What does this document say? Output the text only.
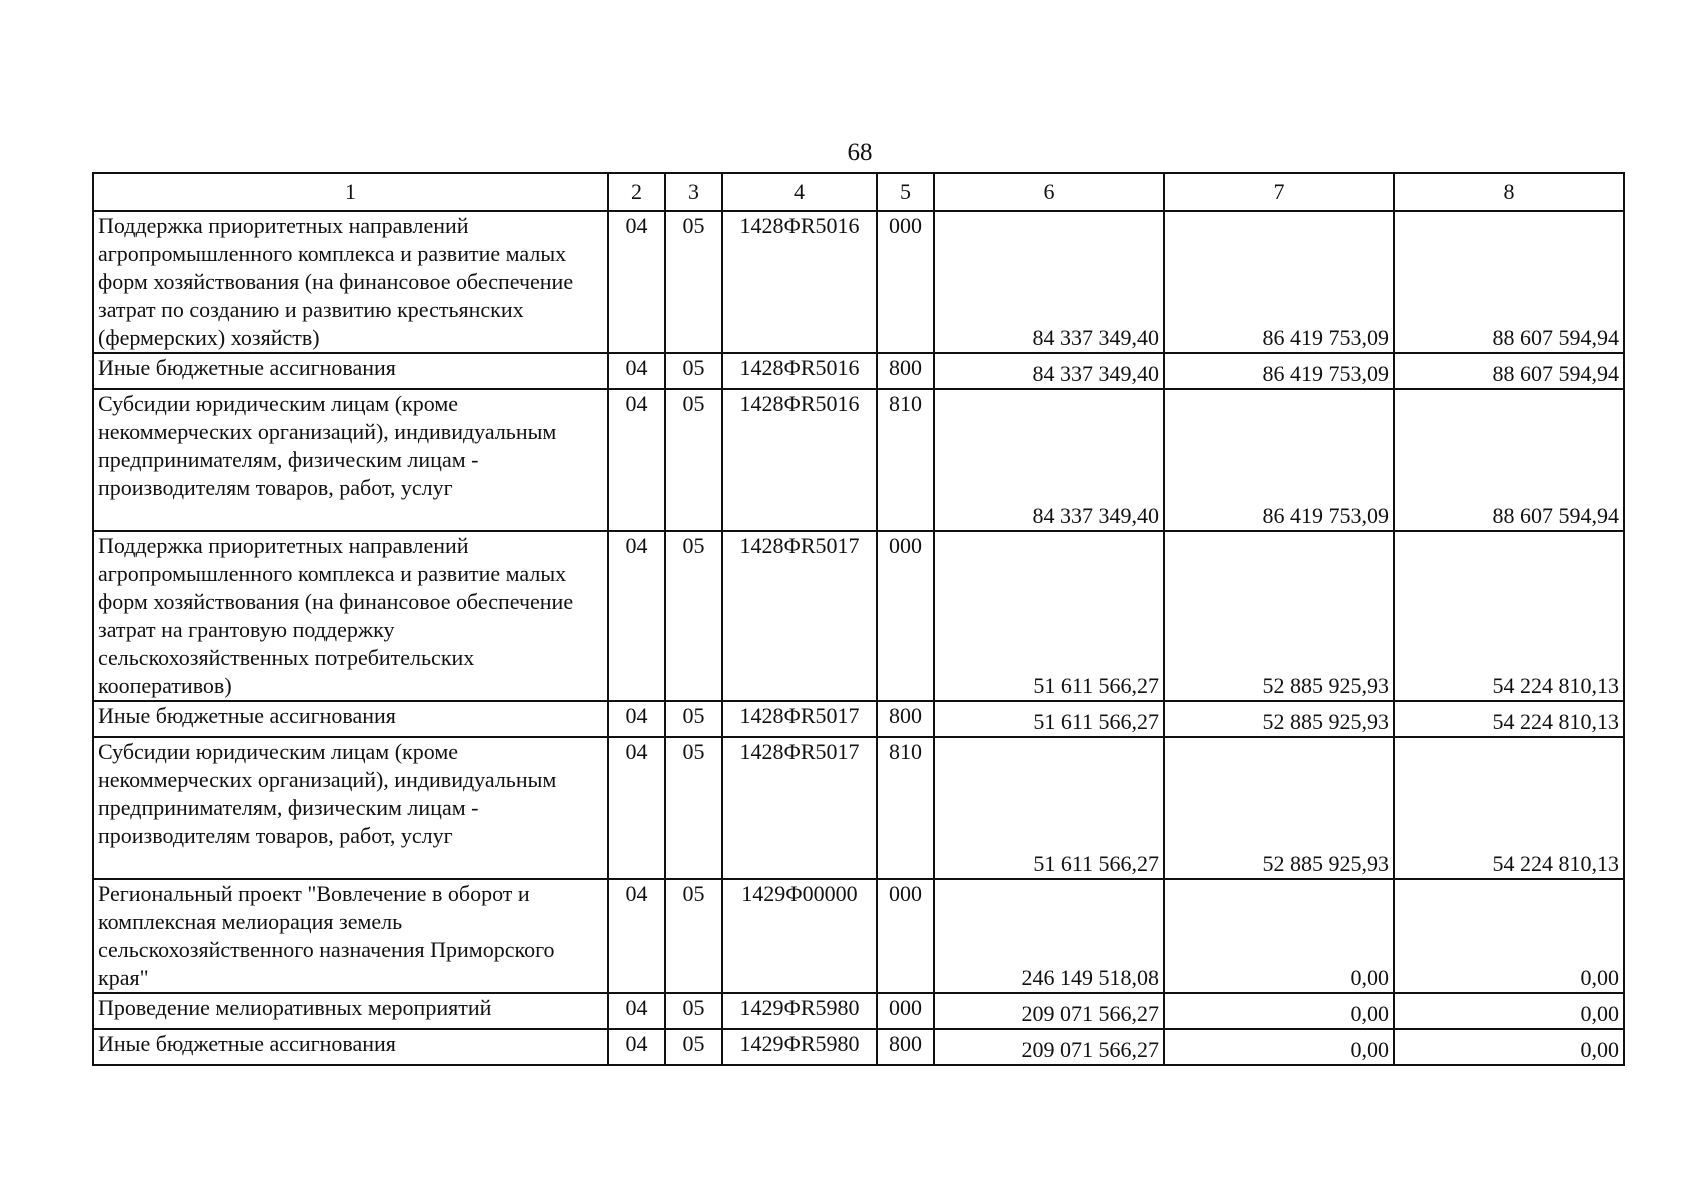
68
1	2	3	4	5	6	7	8
Поддержка приоритетных направлений агропромышленного комплекса и развитие малых форм хозяйствования (на финансовое обеспечение затрат по созданию и развитию крестьянских (фермерских) хозяйств)	04	05	1428ФR5016	000	84 337 349,40	86 419 753,09	88 607 594,94
Иные бюджетные ассигнования	04	05	1428ФR5016	800	84 337 349,40	86 419 753,09	88 607 594,94
Субсидии юридическим лицам (кроме некоммерческих организаций), индивидуальным предпринимателям, физическим лицам - производителям товаров, работ, услуг	04	05	1428ФR5016	810	84 337 349,40	86 419 753,09	88 607 594,94
Поддержка приоритетных направлений агропромышленного комплекса и развитие малых форм хозяйствования (на финансовое обеспечение затрат на грантовую поддержку сельскохозяйственных потребительских кооперативов)	04	05	1428ФR5017	000	51 611 566,27	52 885 925,93	54 224 810,13
Иные бюджетные ассигнования	04	05	1428ФR5017	800	51 611 566,27	52 885 925,93	54 224 810,13
Субсидии юридическим лицам (кроме некоммерческих организаций), индивидуальным предпринимателям, физическим лицам - производителям товаров, работ, услуг	04	05	1428ФR5017	810	51 611 566,27	52 885 925,93	54 224 810,13
Региональный проект "Вовлечение в оборот и комплексная мелиорация земель сельскохозяйственного назначения Приморского края"	04	05	1429Ф00000	000	246 149 518,08	0,00	0,00
Проведение мелиоративных мероприятий	04	05	1429ФR5980	000	209 071 566,27	0,00	0,00
Иные бюджетные ассигнования	04	05	1429ФR5980	800	209 071 566,27	0,00	0,00
